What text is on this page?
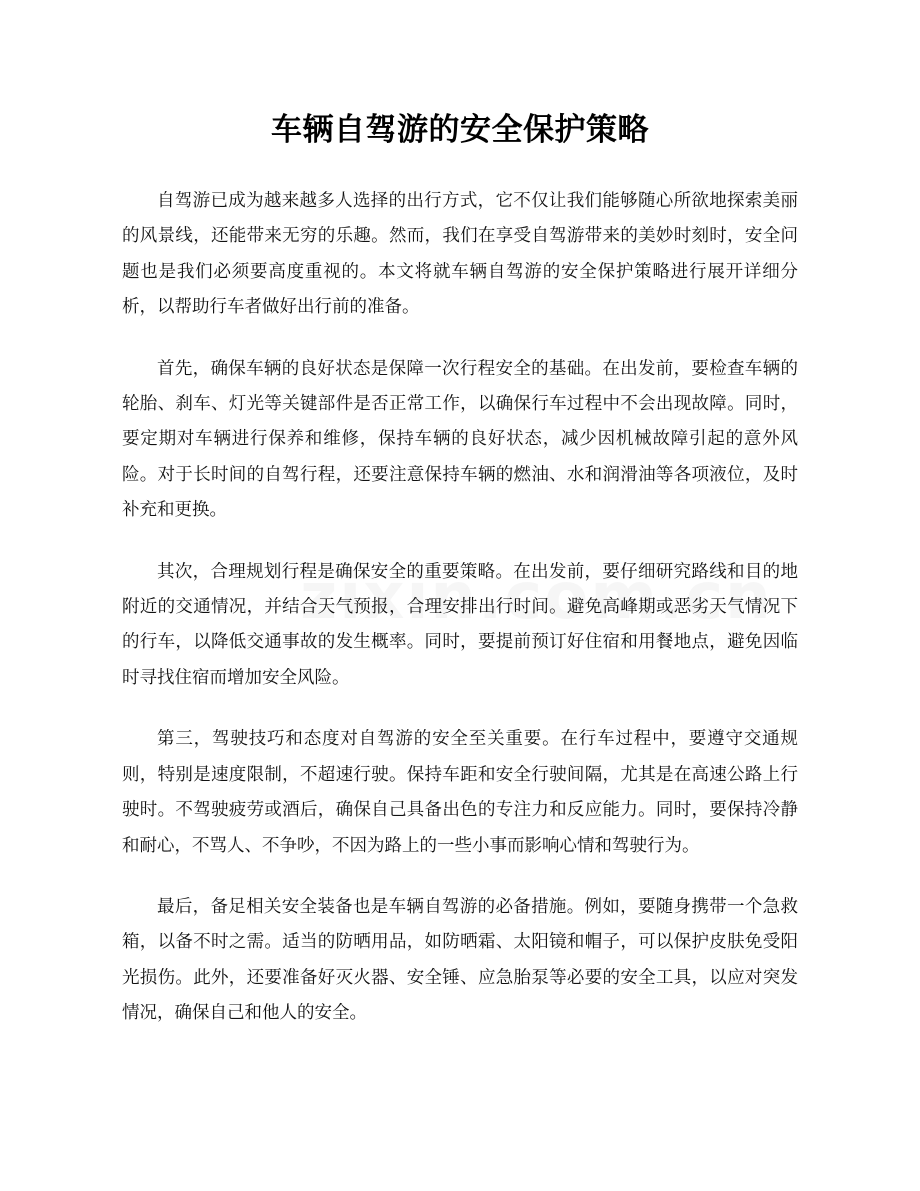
车辆自驾游的安全保护策略

自驾游已成为越来越多人选择的出行方式，它不仅让我们能够随心所欲地探索美丽的风景线，还能带来无穷的乐趣。然而，我们在享受自驾游带来的美妙时刻时，安全问题也是我们必须要高度重视的。本文将就车辆自驾游的安全保护策略进行展开详细分析，以帮助行车者做好出行前的准备。

首先，确保车辆的良好状态是保障一次行程安全的基础。在出发前，要检查车辆的轮胎、刹车、灯光等关键部件是否正常工作，以确保行车过程中不会出现故障。同时，要定期对车辆进行保养和维修，保持车辆的良好状态，减少因机械故障引起的意外风险。对于长时间的自驾行程，还要注意保持车辆的燃油、水和润滑油等各项液位，及时补充和更换。

其次，合理规划行程是确保安全的重要策略。在出发前，要仔细研究路线和目的地附近的交通情况，并结合天气预报，合理安排出行时间。避免高峰期或恶劣天气情况下的行车，以降低交通事故的发生概率。同时，要提前预订好住宿和用餐地点，避免因临时寻找住宿而增加安全风险。

第三，驾驶技巧和态度对自驾游的安全至关重要。在行车过程中，要遵守交通规则，特别是速度限制，不超速行驶。保持车距和安全行驶间隔，尤其是在高速公路上行驶时。不驾驶疲劳或酒后，确保自己具备出色的专注力和反应能力。同时，要保持冷静和耐心，不骂人、不争吵，不因为路上的一些小事而影响心情和驾驶行为。

最后，备足相关安全装备也是车辆自驾游的必备措施。例如，要随身携带一个急救箱，以备不时之需。适当的防晒用品，如防晒霜、太阳镜和帽子，可以保护皮肤免受阳光损伤。此外，还要准备好灭火器、安全锤、应急胎泵等必要的安全工具，以应对突发情况，确保自己和他人的安全。
